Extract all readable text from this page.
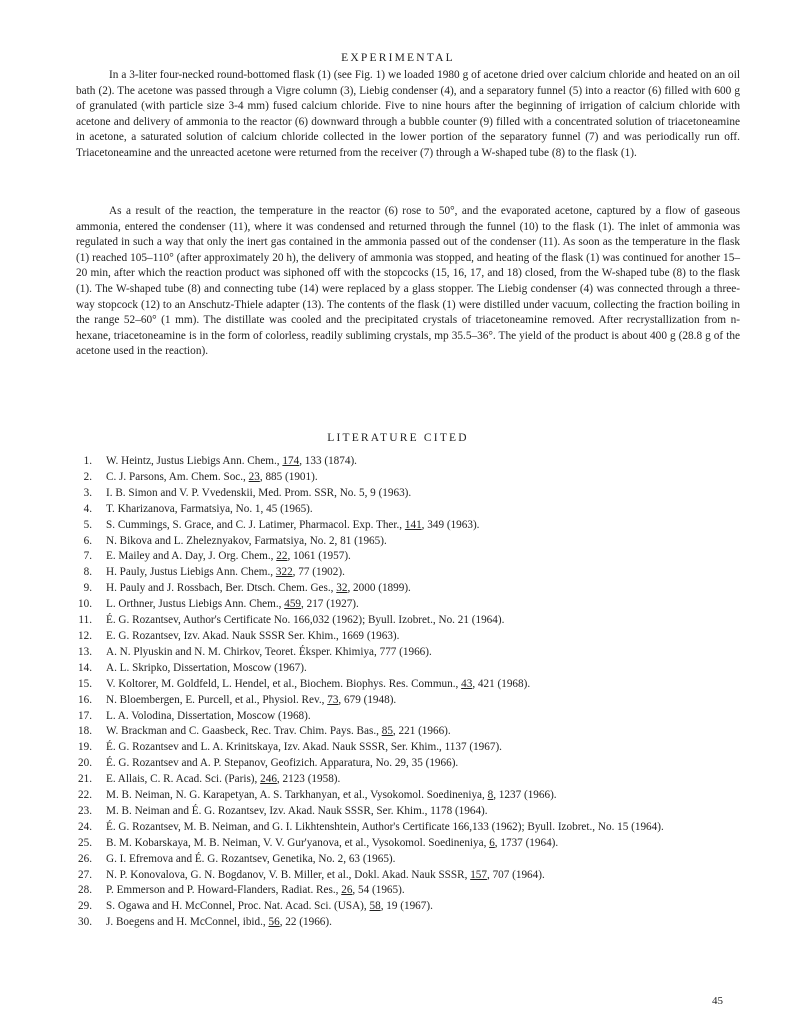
EXPERIMENTAL

In a 3-liter four-necked round-bottomed flask (1) (see Fig. 1) we loaded 1980 g of acetone dried over calcium chloride and heated on an oil bath (2). The acetone was passed through a Vigre column (3), Liebig condenser (4), and a separatory funnel (5) into a reactor (6) filled with 600 g of granulated (with particle size 3-4 mm) fused calcium chloride. Five to nine hours after the beginning of irrigation of calcium chloride with acetone and delivery of ammonia to the reactor (6) downward through a bubble counter (9) filled with a concentrated solution of triacetoneamine in acetone, a saturated solution of calcium chloride collected in the lower portion of the separatory funnel (7) and was periodically run off. Triacetoneamine and the unreacted acetone were returned from the receiver (7) through a W-shaped tube (8) to the flask (1).

As a result of the reaction, the temperature in the reactor (6) rose to 50°, and the evaporated acetone, captured by a flow of gaseous ammonia, entered the condenser (11), where it was condensed and returned through the funnel (10) to the flask (1). The inlet of ammonia was regulated in such a way that only the inert gas contained in the ammonia passed out of the condenser (11). As soon as the temperature in the flask (1) reached 105–110° (after approximately 20 h), the delivery of ammonia was stopped, and heating of the flask (1) was continued for another 15–20 min, after which the reaction product was siphoned off with the stopcocks (15, 16, 17, and 18) closed, from the W-shaped tube (8) to the flask (1). The W-shaped tube (8) and connecting tube (14) were replaced by a glass stopper. The Liebig condenser (4) was connected through a three-way stopcock (12) to an Anschutz-Thiele adapter (13). The contents of the flask (1) were distilled under vacuum, collecting the fraction boiling in the range 52–60° (1 mm). The distillate was cooled and the precipitated crystals of triacetoneamine removed. After recrystallization from n-hexane, triacetoneamine is in the form of colorless, readily subliming crystals, mp 35.5–36°. The yield of the product is about 400 g (28.8 g of the acetone used in the reaction).

LITERATURE CITED
1. W. Heintz, Justus Liebigs Ann. Chem., 174, 133 (1874).
2. C. J. Parsons, Am. Chem. Soc., 23, 885 (1901).
3. I. B. Simon and V. P. Vvedenskii, Med. Prom. SSR, No. 5, 9 (1963).
4. T. Kharizanova, Farmatsiya, No. 1, 45 (1965).
5. S. Cummings, S. Grace, and C. J. Latimer, Pharmacol. Exp. Ther., 141, 349 (1963).
6. N. Bikova and L. Zheleznyakov, Farmatsiya, No. 2, 81 (1965).
7. E. Mailey and A. Day, J. Org. Chem., 22, 1061 (1957).
8. H. Pauly, Justus Liebigs Ann. Chem., 322, 77 (1902).
9. H. Pauly and J. Rossbach, Ber. Dtsch. Chem. Ges., 32, 2000 (1899).
10. L. Orthner, Justus Liebigs Ann. Chem., 459, 217 (1927).
11. É. G. Rozantsev, Author's Certificate No. 166,032 (1962); Byull. Izobret., No. 21 (1964).
12. E. G. Rozantsev, Izv. Akad. Nauk SSSR Ser. Khim., 1669 (1963).
13. A. N. Plyuskin and N. M. Chirkov, Teoret. Éksper. Khimiya, 777 (1966).
14. A. L. Skripko, Dissertation, Moscow (1967).
15. V. Koltorer, M. Goldfeld, L. Hendel, et al., Biochem. Biophys. Res. Commun., 43, 421 (1968).
16. N. Bloembergen, E. Purcell, et al., Physiol. Rev., 73, 679 (1948).
17. L. A. Volodina, Dissertation, Moscow (1968).
18. W. Brackman and C. Gaasbeck, Rec. Trav. Chim. Pays. Bas., 85, 221 (1966).
19. É. G. Rozantsev and L. A. Krinitskaya, Izv. Akad. Nauk SSSR, Ser. Khim., 1137 (1967).
20. É. G. Rozantsev and A. P. Stepanov, Geofizich. Apparatura, No. 29, 35 (1966).
21. E. Allais, C. R. Acad. Sci. (Paris), 246, 2123 (1958).
22. M. B. Neiman, N. G. Karapetyan, A. S. Tarkhanyan, et al., Vysokomol. Soedineniya, 8, 1237 (1966).
23. M. B. Neiman and É. G. Rozantsev, Izv. Akad. Nauk SSSR, Ser. Khim., 1178 (1964).
24. É. G. Rozantsev, M. B. Neiman, and G. I. Likhtenshtein, Author's Certificate 166,133 (1962); Byull. Izobret., No. 15 (1964).
25. B. M. Kobarskaya, M. B. Neiman, V. V. Gur'yanova, et al., Vysokomol. Soedineniya, 6, 1737 (1964).
26. G. I. Efremova and É. G. Rozantsev, Genetika, No. 2, 63 (1965).
27. N. P. Konovalova, G. N. Bogdanov, V. B. Miller, et al., Dokl. Akad. Nauk SSSR, 157, 707 (1964).
28. P. Emmerson and P. Howard-Flanders, Radiat. Res., 26, 54 (1965).
29. S. Ogawa and H. McConnel, Proc. Nat. Acad. Sci. (USA), 58, 19 (1967).
30. J. Boegens and H. McConnel, ibid., 56, 22 (1966).
45
